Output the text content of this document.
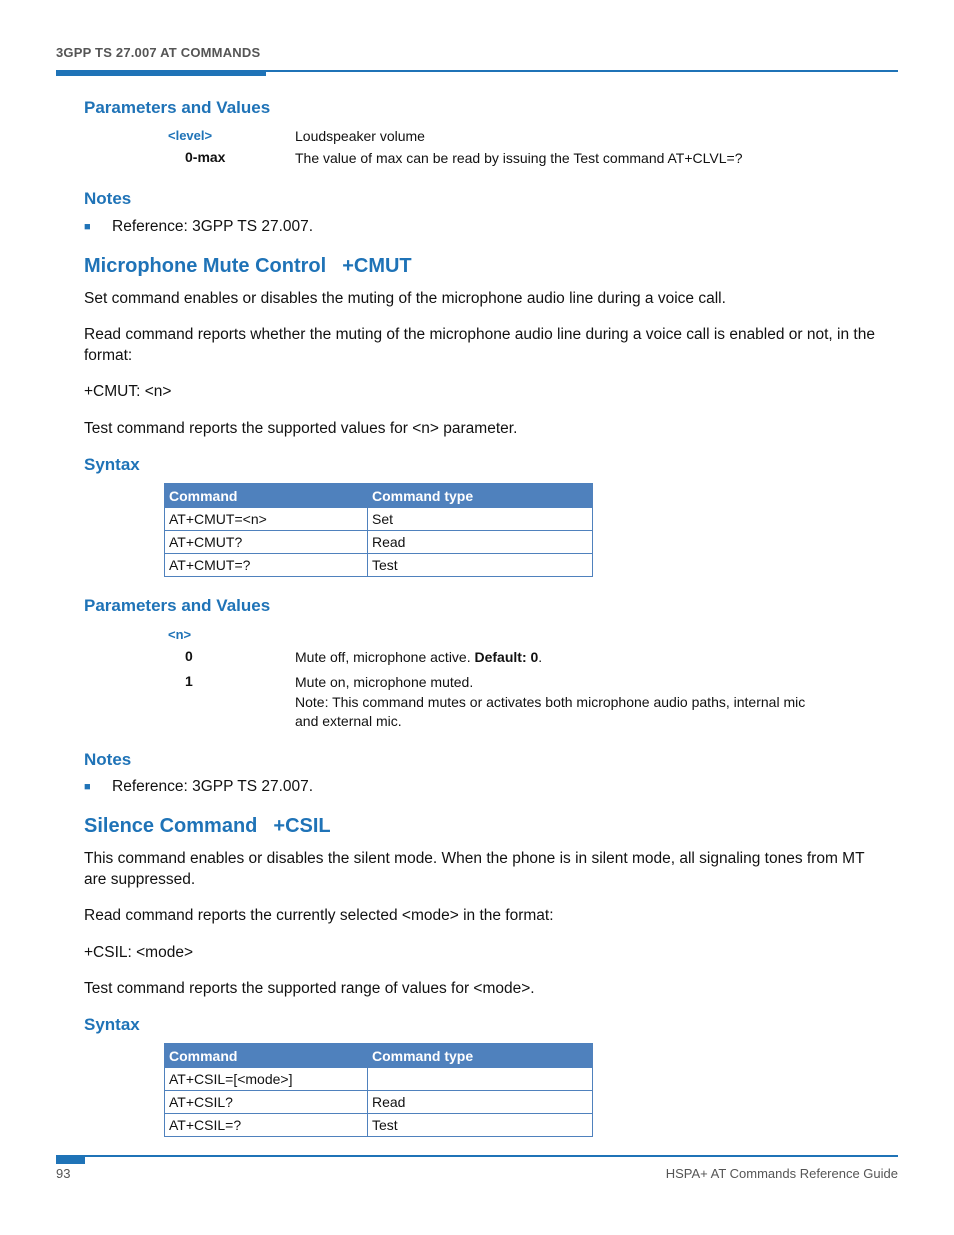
3GPP TS 27.007 AT COMMANDS
Parameters and Values
<level>	Loudspeaker volume
0-max	The value of max can be read by issuing the Test command AT+CLVL=?
Notes
■ Reference: 3GPP TS 27.007.
Microphone Mute Control +CMUT
Set command enables or disables the muting of the microphone audio line during a voice call.
Read command reports whether the muting of the microphone audio line during a voice call is enabled or not, in the format:
+CMUT: <n>
Test command reports the supported values for <n> parameter.
Syntax
Command	Command type
AT+CMUT=<n>	Set
AT+CMUT?	Read
AT+CMUT=?	Test
Parameters and Values
<n>
0	Mute off, microphone active. Default: 0.
1	Mute on, microphone muted.
Note: This command mutes or activates both microphone audio paths, internal mic and external mic.
Notes
■ Reference: 3GPP TS 27.007.
Silence Command +CSIL
This command enables or disables the silent mode. When the phone is in silent mode, all signaling tones from MT are suppressed.
Read command reports the currently selected <mode> in the format:
+CSIL: <mode>
Test command reports the supported range of values for <mode>.
Syntax
Command	Command type
AT+CSIL=[<mode>]	
AT+CSIL?	Read
AT+CSIL=?	Test
93	HSPA+ AT Commands Reference Guide
